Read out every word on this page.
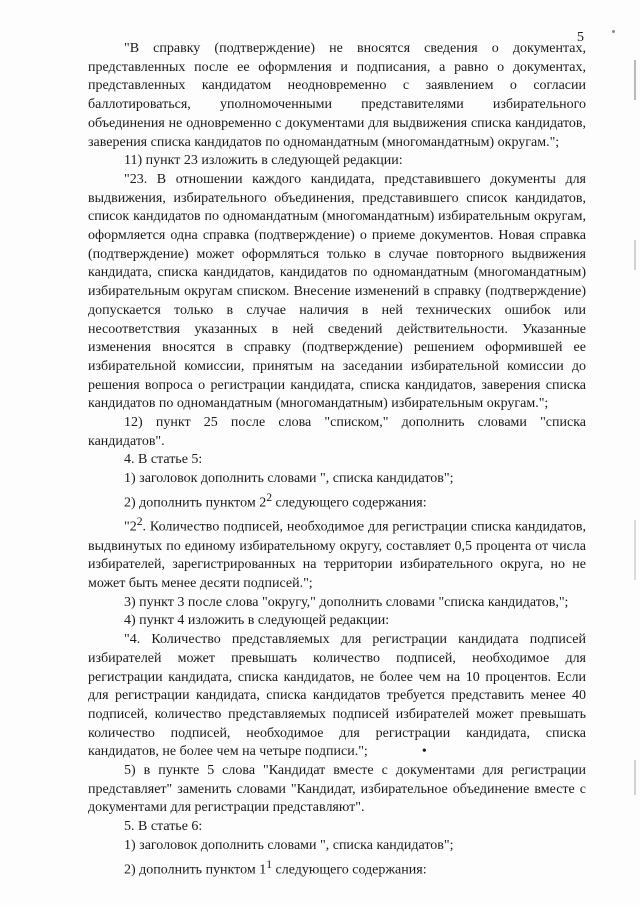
5

"В справку (подтверждение) не вносятся сведения о документах, представленных после ее оформления и подписания, а равно о документах, представленных кандидатом неодновременно с заявлением о согласии баллотироваться, уполномоченными представителями избирательного объединения не одновременно с документами для выдвижения списка кандидатов, заверения списка кандидатов по одномандатным (многомандатным) округам.";

11) пункт 23 изложить в следующей редакции:

"23. В отношении каждого кандидата, представившего документы для выдвижения, избирательного объединения, представившего список кандидатов, список кандидатов по одномандатным (многомандатным) избирательным округам, оформляется одна справка (подтверждение) о приеме документов. Новая справка (подтверждение) может оформляться только в случае повторного выдвижения кандидата, списка кандидатов, кандидатов по одномандатным (многомандатным) избирательным округам списком. Внесение изменений в справку (подтверждение) допускается только в случае наличия в ней технических ошибок или несоответствия указанных в ней сведений действительности. Указанные изменения вносятся в справку (подтверждение) решением оформившей ее избирательной комиссии, принятым на заседании избирательной комиссии до решения вопроса о регистрации кандидата, списка кандидатов, заверения списка кандидатов по одномандатным (многомандатным) избирательным округам.";

12) пункт 25 после слова "списком," дополнить словами "списка кандидатов".

4. В статье 5:

1) заголовок дополнить словами ", списка кандидатов";

2) дополнить пунктом $2^2$ следующего содержания:

"$2^2$. Количество подписей, необходимое для регистрации списка кандидатов, выдвинутых по единому избирательному округу, составляет 0,5 процента от числа избирателей, зарегистрированных на территории избирательного округа, но не может быть менее десяти подписей.";

3) пункт 3 после слова "округу," дополнить словами "списка кандидатов,";

4) пункт 4 изложить в следующей редакции:

"4. Количество представляемых для регистрации кандидата подписей избирателей может превышать количество подписей, необходимое для регистрации кандидата, списка кандидатов, не более чем на 10 процентов. Если для регистрации кандидата, списка кандидатов требуется представить менее 40 подписей, количество представляемых подписей избирателей может превышать количество подписей, необходимое для регистрации кандидата, списка кандидатов, не более чем на четыре подписи.";	•

5) в пункте 5 слова "Кандидат вместе с документами для регистрации представляет" заменить словами "Кандидат, избирательное объединение вместе с документами для регистрации представляют".

5. В статье 6:

1) заголовок дополнить словами ", списка кандидатов";

2) дополнить пунктом $1^1$ следующего содержания:
